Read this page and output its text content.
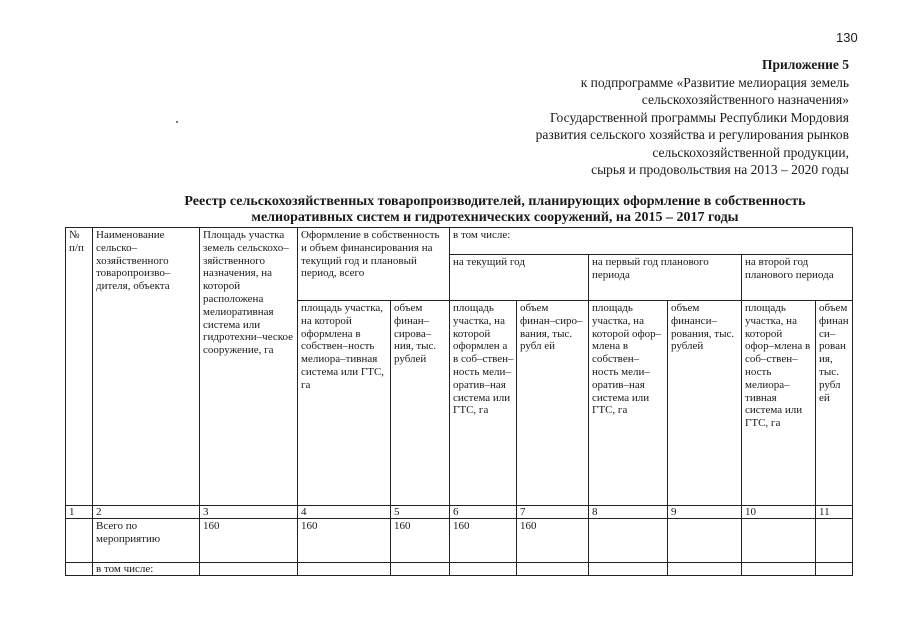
130
Приложение 5
к подпрограмме «Развитие мелиорация земель
сельскохозяйственного назначения»
Государственной программы Республики Мордовия
развития сельского хозяйства и регулирования рынков
сельскохозяйственной продукции,
сырья и продовольствия на 2013 – 2020 годы
Реестр сельскохозяйственных товаропроизводителей, планирующих оформление в собственность
мелиоративных систем и гидротехнических сооружений, на 2015 – 2017 годы
№ п/п	Наименование сельско–хозяйственного товаропроизво–дителя, объекта	Площадь участка земель сельскохо–зяйственного назначения, на которой расположена мелиоративная система или гидротехни–ческое сооружение, га	Оформление в собственность и объем финансирования на текущий год и плановый период, всего		в том числе:					
					на текущий год		на первый год планового периода		на второй год планового периода	
			площадь участка, на которой оформлена в собствен–ность мелиора–тивная система или ГТС, га	объем финан–сирова–ния, тыс. рублей	площадь участка, на которой оформлен а в соб–ствен–ность мели–оратив–ная система или ГТС, га	объем финан–сиро–вания, тыс. рубл ей	площадь участка, на которой офор–млена в собствен–ность мели–оратив–ная система или ГТС, га	объем финанси–рования, тыс. рублей	площадь участка, на которой офор–млена в соб–ствен–ность мелиора–тивная система или ГТС, га	объем финанси–рования, тыс. рубл ей
1	2	3	4	5	6	7	8	9	10	11
	Всего по мероприятию	160	160	160	160	160				
	в том числе:									
